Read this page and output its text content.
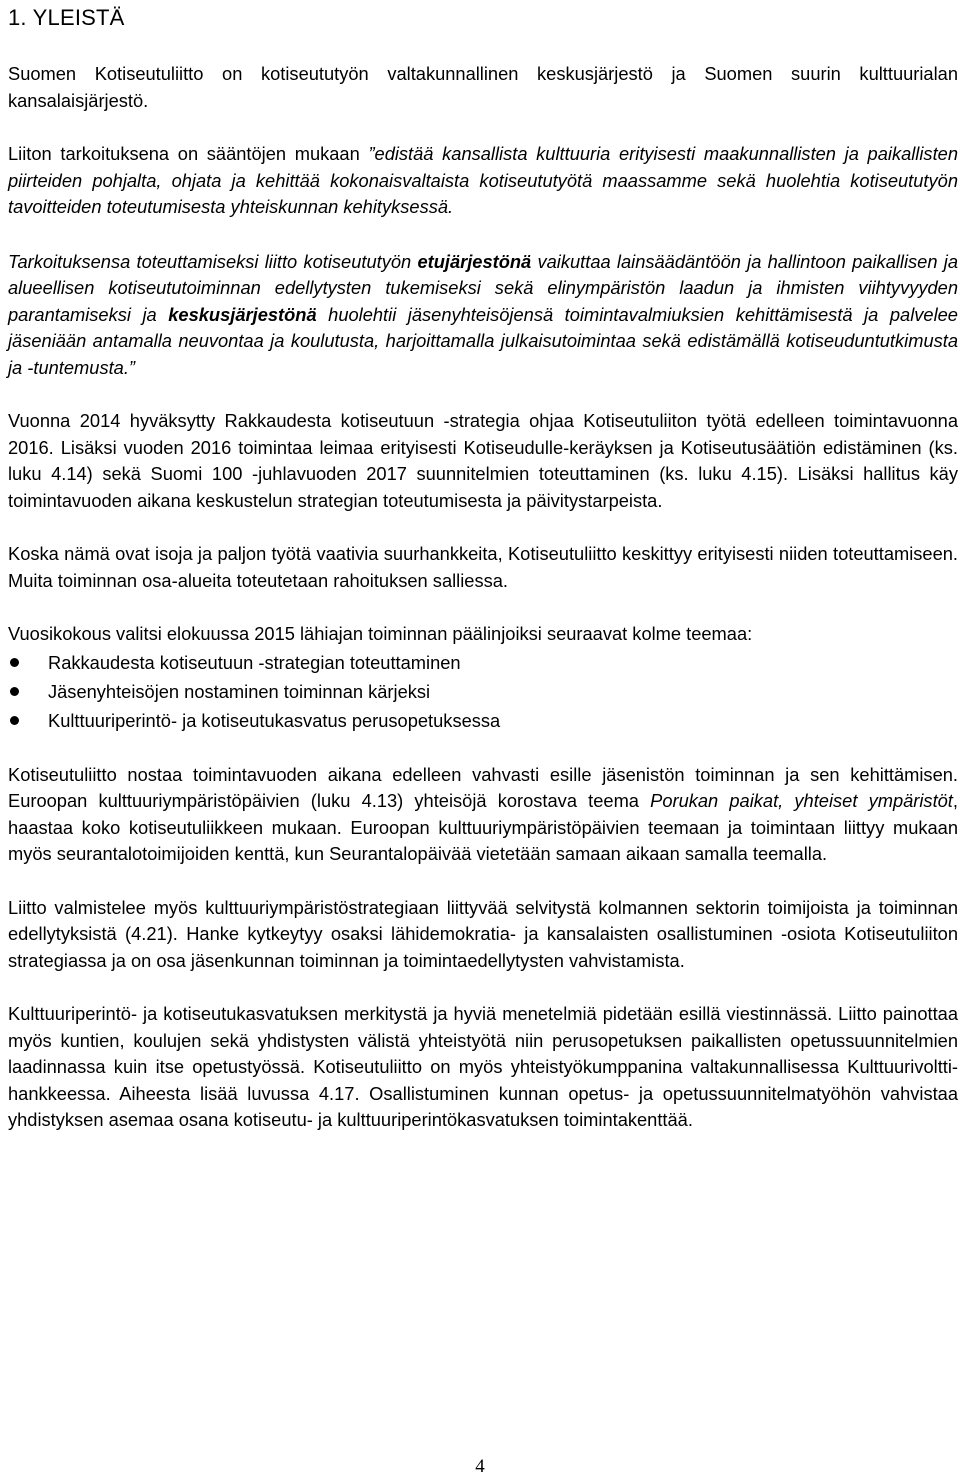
1. YLEISTÄ

Suomen Kotiseutuliitto on kotiseututyön valtakunnallinen keskusjärjestö ja Suomen suurin kulttuurialan kansalaisjärjestö.

Liiton tarkoituksena on sääntöjen mukaan ”edistää kansallista kulttuuria erityisesti maakunnallisten ja paikallisten piirteiden pohjalta, ohjata ja kehittää kokonaisvaltaista kotiseututyötä maassamme sekä huolehtia kotiseututyön tavoitteiden toteutumisesta yhteiskunnan kehityksessä.

Tarkoituksensa toteuttamiseksi liitto kotiseututyön etujärjestönä vaikuttaa lainsäädäntöön ja hallintoon paikallisen ja alueellisen kotiseututoiminnan edellytysten tukemiseksi sekä elinympäristön laadun ja ihmisten viihtyvyyden parantamiseksi ja keskusjärjestönä huolehtii jäsenyhteisöjensä toimintavalmiuksien kehittämisestä ja palvelee jäseniään antamalla neuvontaa ja koulutusta, harjoittamalla julkaisutoimintaa sekä edistämällä kotiseuduntutkimusta ja -tuntemusta.”

Vuonna 2014 hyväksytty Rakkaudesta kotiseutuun -strategia ohjaa Kotiseutuliiton työtä edelleen toimintavuonna 2016. Lisäksi vuoden 2016 toimintaa leimaa erityisesti Kotiseudulle-keräyksen ja Kotiseutusäätiön edistäminen (ks. luku 4.14) sekä Suomi 100 -juhlavuoden 2017 suunnitelmien toteuttaminen (ks. luku 4.15). Lisäksi hallitus käy toimintavuoden aikana keskustelun strategian toteutumisesta ja päivitystarpeista.

Koska nämä ovat isoja ja paljon työtä vaativia suurhankkeita, Kotiseutuliitto keskittyy erityisesti niiden toteuttamiseen. Muita toiminnan osa-alueita toteutetaan rahoituksen salliessa.

Vuosikokous valitsi elokuussa 2015 lähiajan toiminnan päälinjoiksi seuraavat kolme teemaa:

Rakkaudesta kotiseutuun -strategian toteuttaminen
Jäsenyhteisöjen nostaminen toiminnan kärjeksi
Kulttuuriperintö- ja kotiseutukasvatus perusopetuksessa

Kotiseutuliitto nostaa toimintavuoden aikana edelleen vahvasti esille jäsenistön toiminnan ja sen kehittämisen. Euroopan kulttuuriympäristöpäivien (luku 4.13) yhteisöjä korostava teema Porukan paikat, yhteiset ympäristöt, haastaa koko kotiseutuliikkeen mukaan. Euroopan kulttuuriympäristöpäivien teemaan ja toimintaan liittyy mukaan myös seurantalotoimijoiden kenttä, kun Seurantalopäivää vietetään samaan aikaan samalla teemalla.

Liitto valmistelee myös kulttuuriympäristöstrategiaan liittyvää selvitystä kolmannen sektorin toimijoista ja toiminnan edellytyksistä (4.21). Hanke kytkeytyy osaksi lähidemokratia- ja kansalaisten osallistuminen -osiota Kotiseutuliiton strategiassa ja on osa jäsenkunnan toiminnan ja toimintaedellytysten vahvistamista.

Kulttuuriperintö- ja kotiseutukasvatuksen merkitystä ja hyviä menetelmiä pidetään esillä viestinnässä. Liitto painottaa myös kuntien, koulujen sekä yhdistysten välistä yhteistyötä niin perusopetuksen paikallisten opetussuunnitelmien laadinnassa kuin itse opetustyössä. Kotiseutuliitto on myös yhteistyökumppanina valtakunnallisessa Kulttuurivoltti-hankkeessa. Aiheesta lisää luvussa 4.17. Osallistuminen kunnan opetus- ja opetussuunnitelmatyöhön vahvistaa yhdistyksen asemaa osana kotiseutu- ja kulttuuriperintökasvatuksen toimintakenttää.

4
